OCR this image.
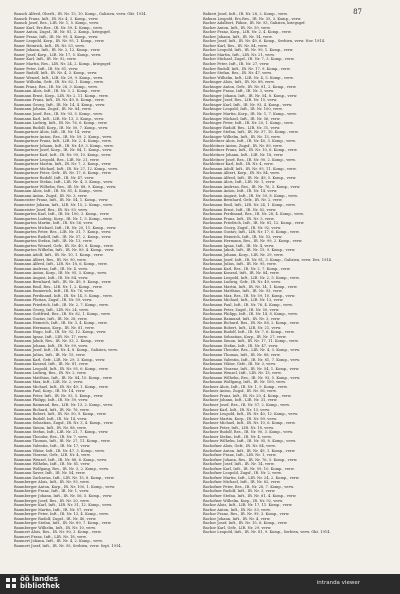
87
Bausch Alfred, Oberlt., IR. Nr. 15, 10. Komp., Galizien, verw. Okt. 1914.
Bausch Franz, Inft., IR. Nr. 4, 3. Komp., verw.
Bausch Josef, Res., LIR. Nr. 1, 5. Komp., verw.
Bauer Karl, Ers.Res., IR. Nr. 59, 4. Komp., verw.
Bauer Anton, Zugsf., IR. Nr. 81, 2. Komp., kriegsgef.
Bauer Franz, Inft., IR. Nr. 99, 4. Komp., verw.
Bauer Leopold, Korp., IR. Nr. 95, 1. Komp., verw.
Bauer Heinrich, Inft., IR. Nr. 53, verw.
Bauer Johann, Inft., IR. Nr. 2, 12. Komp., verw.
Bauer Josef, Korp., LIR. Nr. 17, 5. Komp., verw.
Bauer Karl, Inft., IR. Nr. 92, verw.
Bauer Martin, Res., LIR. Nr. 24, 2. Komp., kriegsgef.
Bauer Peter, Inft., IR. Nr. 81, verw.
Bauer Rudolf, Inft., IR. Nr. 4, 3. Komp., verw.
Bauer Wenzel, Inft., LIR. Nr. 29, 9. Komp., verw.
Bauer Wilhelm, Gefr., IR. Nr. 82, 1. Komp., verw.
Baum Franz, Res., IR. Nr. 28, 3. Komp., verw.
Baumann Alois, Inft., IR. Nr. 3, 2. Komp., verw.
Baumann Ernst, Korp., LIR. Nr. 2, 11. Komp., verw.
Baumann Franz, Inft., IR. Nr. 49, 8. Komp., verw.
Baumann Georg, Inft., IR. Nr. 14, 4. Komp., verw.
Baumann Johann, Zugsf., IR. Nr. 84, verw.
Baumann Josef, Res., IR. Nr. 93, 5. Komp., verw.
Baumann Karl, Inft., LIR. Nr. 13, 3. Komp., verw.
Baumann Ludwig, Inft., IR. Nr. 76, 6. Komp., verw.
Baumann Rudolf, Korp., IR. Nr. 50, 7. Komp., verw.
Baumgartner Alois, Inft., IR. Nr. 14, verw.
Baumgartner Anton, Res., IR. Nr. 59, 2. Komp., verw.
Baumgartner Franz, Inft., LIR. Nr. 2, 4. Komp., verw.
Baumgartner Johann, Inft., IR. Nr. 49, 3. Komp., verw.
Baumgartner Josef, Korp., IR. Nr. 84, 1. Komp., verw.
Baumgartner Karl, Inft., IR. Nr. 99, 10. Komp., verw.
Baumgartner Leopold, Res., LIR. Nr. 21, verw.
Baumgartner Martin, Inft., IR. Nr. 7, 2. Komp., verw.
Baumgartner Michael, Inft., IR. Nr. 27, 12. Komp., verw.
Baumgartner Peter, Gefr., IR. Nr. 17, 6. Komp., verw.
Baumgartner Rudolf, Inft., IR. Nr. 47, verw.
Baumgartner Stefan, Inft., LIR. Nr. 4, 3. Komp., verw.
Baumgartner Wilhelm, Res., IR. Nr. 88, 9. Komp., verw.
Baumann Alois, Inft., IR. Nr. 81, 4. Komp., verw.
Baumann Anton, Zugsf., IR. Nr. 3, verw.
Baumeister Franz, Inft., IR. Nr. 54, 1. Komp., verw.
Baumeister Johann, Inft., LIR. Nr. 15, 2. Komp., verw.
Baumeister Josef, Res., IR. Nr. 93, verw.
Baumgarten Karl, Inft., IR. Nr. 100, 3. Komp., verw.
Baumgarten Ludwig, Korp., IR. Nr. 1, 5. Komp., verw.
Baumgarten Martin, Inft., IR. Nr. 56, verw.
Baumgarten Michael, Inft., IR. Nr. 20, 11. Komp., verw.
Baumgarten Peter, Res., LIR. Nr. 31, 7. Komp., verw.
Baumgarten Rudolf, Inft., IR. Nr. 57, 2. Komp., verw.
Baumgarten Stefan, Inft., IR. Nr. 13, verw.
Baumgarten Wenzel, Gefr., IR. Nr. 40, 8. Komp., verw.
Baumgarten Wilhelm, Inft., IR. Nr. 89, 4. Komp., verw.
Baumann Adolf, Inft., IR. Nr. 10, 1. Komp., verw.
Baumann Albert, Res., IR. Nr. 90, verw.
Baumann Alfred, Inft., LIR. Nr. 18, 6. Komp., verw.
Baumann Andreas, Inft., IR. Nr. 4, verw.
Baumann Anton, Korp., IR. Nr. 95, 3. Komp., verw.
Baumann August, Inft., IR. Nr. 84, verw.
Baumann Bernhard, Inft., IR. Nr. 49, 9. Komp., verw.
Baumann Emil, Res., LIR. Nr. 1, 2. Komp., verw.
Baumann Emmerich, Inft., IR. Nr. 76, verw.
Baumann Ferdinand, Inft., IR. Nr. 14, 5. Komp., verw.
Baumann Florian, Zugsf., IR. Nr. 59, verw.
Baumann Friedrich, Inft., IR. Nr. 2, 7. Komp., verw.
Baumann Georg, Inft., LIR. Nr. 24, verw.
Baumann Gottfried, Res., IR. Nr. 82, 1. Komp., verw.
Baumann Gustav, Inft., IR. Nr. 28, verw.
Baumann Heinrich, Inft., IR. Nr. 3, 4. Komp., verw.
Baumann Hermann, Korp., IR. Nr. 81, verw.
Baumann Hugo, Inft., IR. Nr. 92, 12. Komp., verw.
Baumann Ignaz, Inft., LIR. Nr. 17, verw.
Baumann Jakob, Res., IR. Nr. 53, 2. Komp., verw.
Baumann Johann, Inft., IR. Nr. 99, verw.
Baumann Josef, Inft., IR. Nr. 4, 8. Komp., Galizien, verw.
Baumann Julius, Inft., IR. Nr. 15, verw.
Baumann Karl, Gefr., LIR. Nr. 29, 3. Komp., verw.
Baumann Konrad, Inft., IR. Nr. 81, verw.
Baumann Leopold, Inft., IR. Nr. 95, 6. Komp., verw.
Baumann Ludwig, Res., IR. Nr. 2, verw.
Baumann Matthias, Inft., IR. Nr. 84, 10. Komp., verw.
Baumann Max, Inft., LIR. Nr. 2, verw.
Baumann Michael, Inft., IR. Nr. 49, 1. Komp., verw.
Baumann Paul, Korp., IR. Nr. 14, verw.
Baumann Peter, Inft., IR. Nr. 93, 5. Komp., verw.
Baumann Philipp, Inft., IR. Nr. 59, verw.
Baumann Raimund, Res., LIR. Nr. 13, 2. Komp., verw.
Baumann Richard, Inft., IR. Nr. 76, verw.
Baumann Robert, Inft., IR. Nr. 50, 9. Komp., verw.
Baumann Rudolf, Inft., IR. Nr. 14, verw.
Baumann Sebastian, Zugsf., IR. Nr. 3, 4. Komp., verw.
Baumann Simon, Inft., IR. Nr. 88, verw.
Baumann Stefan, Inft., LIR. Nr. 21, 7. Komp., verw.
Baumann Theodor, Res., IR. Nr. 7, verw.
Baumann Thomas, Inft., IR. Nr. 27, 11. Komp., verw.
Baumann Valentin, Inft., IR. Nr. 17, verw.
Baumann Viktor, Inft., IR. Nr. 47, 3. Komp., verw.
Baumann Vinzenz, Gefr., LIR. Nr. 4, verw.
Baumann Wenzel, Inft., IR. Nr. 88, 6. Komp., verw.
Baumann Wilhelm, Inft., IR. Nr. 81, verw.
Baumann Wolfgang, Res., IR. Nr. 3, 2. Komp., verw.
Baumann Xaver, Inft., IR. Nr. 54, verw.
Baumann Zacharias, Inft., LIR. Nr. 15, 8. Komp., verw.
Baumberger Alois, Inft., IR. Nr. 93, verw.
Baumberger Anton, Korp., IR. Nr. 100, 1. Komp., verw.
Baumberger Franz, Inft., IR. Nr. 1, verw.
Baumberger Johann, Inft., IR. Nr. 56, 5. Komp., verw.
Baumberger Josef, Res., IR. Nr. 20, verw.
Baumberger Karl, Inft., LIR. Nr. 31, 12. Komp., verw.
Baumberger Martin, Inft., IR. Nr. 57, verw.
Baumberger Peter, Inft., IR. Nr. 13, 4. Komp., verw.
Baumberger Rudolf, Zugsf., IR. Nr. 40, verw.
Baumberger Stefan, Inft., IR. Nr. 89, 7. Komp., verw.
Baumberger Wilhelm, Inft., IR. Nr. 10, verw.
Baumert Alois, Res., IR. Nr. 90, 3. Komp., verw.
Baumert Franz, Inft., LIR. Nr. 18, verw.
Baumert Johann, Inft., IR. Nr. 4, 2. Komp., verw.
Baumert Josef, Inft., IR. Nr. 95, Serbien, verw. Sept. 1914.
Babieri Josef, Inft., IR. Nr. 28, 2. Komp., verw.
Babura Leopold, Ers.Res., IR. Nr. 35, 3. Komp., verw.
Bacher Adalbert, Fähnr., IR. Nr. 93, Galizien, kriegsgef.
Bacher Anton, Inft., IR. Nr. 59, verw.
Bacher Franz, Korp., LIR. Nr. 2, 4. Komp., verw.
Bacher Johann, Inft., IR. Nr. 14, verw.
Bacher Josef, Inft., IR. Nr. 49, 6. Komp., Serbien, verw. Nov. 1914.
Bacher Karl, Res., IR. Nr. 84, verw.
Bacher Leopold, Inft., IR. Nr. 99, 1. Komp., verw.
Bacher Martin, Inft., LIR. Nr. 21, verw.
Bacher Michael, Zugsf., IR. Nr. 7, 3. Komp., verw.
Bacher Peter, Inft., IR. Nr. 27, verw.
Bacher Rudolf, Inft., IR. Nr. 17, 9. Komp., verw.
Bacher Stefan, Res., IR. Nr. 47, verw.
Bacher Wilhelm, Inft., LIR. Nr. 4, 5. Komp., verw.
Bachinger Alois, Inft., IR. Nr. 88, verw.
Bachinger Anton, Gefr., IR. Nr. 81, 2. Komp., verw.
Bachinger Franz, Inft., IR. Nr. 3, verw.
Bachinger Johann, Inft., IR. Nr. 54, 8. Komp., verw.
Bachinger Josef, Res., LIR. Nr. 15, verw.
Bachinger Karl, Inft., IR. Nr. 93, 4. Komp., verw.
Bachinger Leopold, Inft., IR. Nr. 100, verw.
Bachinger Martin, Korp., IR. Nr. 1, 7. Komp., verw.
Bachinger Michael, Inft., IR. Nr. 56, verw.
Bachinger Peter, Inft., IR. Nr. 20, 1. Komp., verw.
Bachinger Rudolf, Res., LIR. Nr. 31, verw.
Bachinger Stefan, Inft., IR. Nr. 57, 10. Komp., verw.
Bachinger Wilhelm, Inft., IR. Nr. 13, verw.
Bachleitner Alois, Inft., IR. Nr. 40, 3. Komp., verw.
Bachleitner Anton, Zugsf., IR. Nr. 89, verw.
Bachleitner Franz, Inft., IR. Nr. 10, 6. Komp., verw.
Bachleitner Johann, Inft., LIR. Nr. 18, verw.
Bachleitner Josef, Res., IR. Nr. 90, 2. Komp., verw.
Bachleitner Karl, Inft., IR. Nr. 4, verw.
Bachmann Adolf, Inft., IR. Nr. 95, 11. Komp., verw.
Bachmann Albert, Korp., IR. Nr. 84, verw.
Bachmann Alfred, Inft., IR. Nr. 49, 5. Komp., verw.
Bachmann Alois, Inft., LIR. Nr. 1, verw.
Bachmann Andreas, Res., IR. Nr. 76, 3. Komp., verw.
Bachmann Anton, Inft., IR. Nr. 14, verw.
Bachmann August, Inft., IR. Nr. 59, 8. Komp., verw.
Bachmann Bernhard, Gefr., IR. Nr. 2, verw.
Bachmann Emil, Inft., LIR. Nr. 24, 1. Komp., verw.
Bachmann Ernst, Inft., IR. Nr. 82, verw.
Bachmann Ferdinand, Res., IR. Nr. 28, 4. Komp., verw.
Bachmann Franz, Inft., IR. Nr. 3, verw.
Bachmann Friedrich, Inft., IR. Nr. 81, 12. Komp., verw.
Bachmann Georg, Zugsf., IR. Nr. 92, verw.
Bachmann Gustav, Inft., LIR. Nr. 17, 6. Komp., verw.
Bachmann Heinrich, Inft., IR. Nr. 53, verw.
Bachmann Hermann, Res., IR. Nr. 99, 2. Komp., verw.
Bachmann Ignaz, Inft., IR. Nr. 4, verw.
Bachmann Jakob, Inft., IR. Nr. 15, 9. Komp., verw.
Bachmann Johann, Korp., LIR. Nr. 29, verw.
Bachmann Josef, Inft., IR. Nr. 81, 3. Komp., Galizien, verw. Dez. 1914.
Bachmann Julius, Inft., IR. Nr. 95, verw.
Bachmann Karl, Res., IR. Nr. 2, 7. Komp., verw.
Bachmann Konrad, Inft., IR. Nr. 84, verw.
Bachmann Leopold, Inft., LIR. Nr. 2, 5. Komp., verw.
Bachmann Ludwig, Gefr., IR. Nr. 49, verw.
Bachmann Martin, Inft., IR. Nr. 14, 1. Komp., verw.
Bachmann Matthias, Inft., IR. Nr. 93, verw.
Bachmann Max, Res., IR. Nr. 59, 10. Komp., verw.
Bachmann Michael, Inft., LIR. Nr. 13, verw.
Bachmann Paul, Inft., IR. Nr. 76, 4. Komp., verw.
Bachmann Peter, Zugsf., IR. Nr. 50, verw.
Bachmann Philipp, Inft., IR. Nr. 14, 8. Komp., verw.
Bachmann Raimund, Inft., IR. Nr. 3, verw.
Bachmann Richard, Res., IR. Nr. 88, 2. Komp., verw.
Bachmann Robert, Inft., LIR. Nr. 21, verw.
Bachmann Rudolf, Inft., IR. Nr. 7, 6. Komp., verw.
Bachmann Sebastian, Korp., IR. Nr. 27, verw.
Bachmann Simon, Inft., IR. Nr. 17, 11. Komp., verw.
Bachmann Stefan, Inft., IR. Nr. 47, verw.
Bachmann Theodor, Res., LIR. Nr. 4, 3. Komp., verw.
Bachmann Thomas, Inft., IR. Nr. 88, verw.
Bachmann Valentin, Inft., IR. Nr. 81, 7. Komp., verw.
Bachmann Viktor, Gefr., IR. Nr. 3, verw.
Bachmann Vinzenz, Inft., IR. Nr. 54, 1. Komp., verw.
Bachmann Wenzel, Inft., LIR. Nr. 15, verw.
Bachmann Wilhelm, Res., IR. Nr. 93, 5. Komp., verw.
Bachmann Wolfgang, Inft., IR. Nr. 100, verw.
Bachner Alois, Inft., IR. Nr. 1, 9. Komp., verw.
Bachner Anton, Zugsf., IR. Nr. 56, verw.
Bachner Franz, Inft., IR. Nr. 20, 4. Komp., verw.
Bachner Johann, Inft., LIR. Nr. 31, verw.
Bachner Josef, Res., IR. Nr. 57, 2. Komp., verw.
Bachner Karl, Inft., IR. Nr. 13, verw.
Bachner Leopold, Inft., IR. Nr. 40, 12. Komp., verw.
Bachner Martin, Korp., IR. Nr. 89, verw.
Bachner Michael, Inft., IR. Nr. 10, 6. Komp., verw.
Bachner Peter, Inft., LIR. Nr. 18, verw.
Bachner Rudolf, Res., IR. Nr. 90, 3. Komp., verw.
Bachner Stefan, Inft., IR. Nr. 4, verw.
Bachner Wilhelm, Inft., IR. Nr. 95, 8. Komp., verw.
Bachofner Alois, Gefr., IR. Nr. 84, verw.
Bachofner Anton, Inft., IR. Nr. 49, 1. Komp., verw.
Bachofner Franz, Inft., LIR. Nr. 1, verw.
Bachofner Johann, Res., IR. Nr. 76, 5. Komp., verw.
Bachofner Josef, Inft., IR. Nr. 14, verw.
Bachofner Karl, Inft., IR. Nr. 59, 10. Komp., verw.
Bachofner Leopold, Zugsf., IR. Nr. 2, verw.
Bachofner Martin, Inft., LIR. Nr. 24, 2. Komp., verw.
Bachofner Michael, Inft., IR. Nr. 82, verw.
Bachofner Peter, Res., IR. Nr. 28, 7. Komp., verw.
Bachofner Rudolf, Inft., IR. Nr. 3, verw.
Bachofner Stefan, Inft., IR. Nr. 81, 4. Komp., verw.
Bachofner Wilhelm, Korp., IR. Nr. 92, verw.
Bachor Alois, Inft., LIR. Nr. 17, 11. Komp., verw.
Bachor Anton, Inft., IR. Nr. 53, verw.
Bachor Franz, Res., IR. Nr. 99, 3. Komp., verw.
Bachor Johann, Inft., IR. Nr. 4, verw.
Bachor Josef, Inft., IR. Nr. 15, 6. Komp., verw.
Bachor Karl, Gefr., LIR. Nr. 29, verw.
Bachor Leopold, Inft., IR. Nr. 81, 9. Komp., Serbien, verw. Okt. 1914.
öö landes
bibliothek	intranda viewer
